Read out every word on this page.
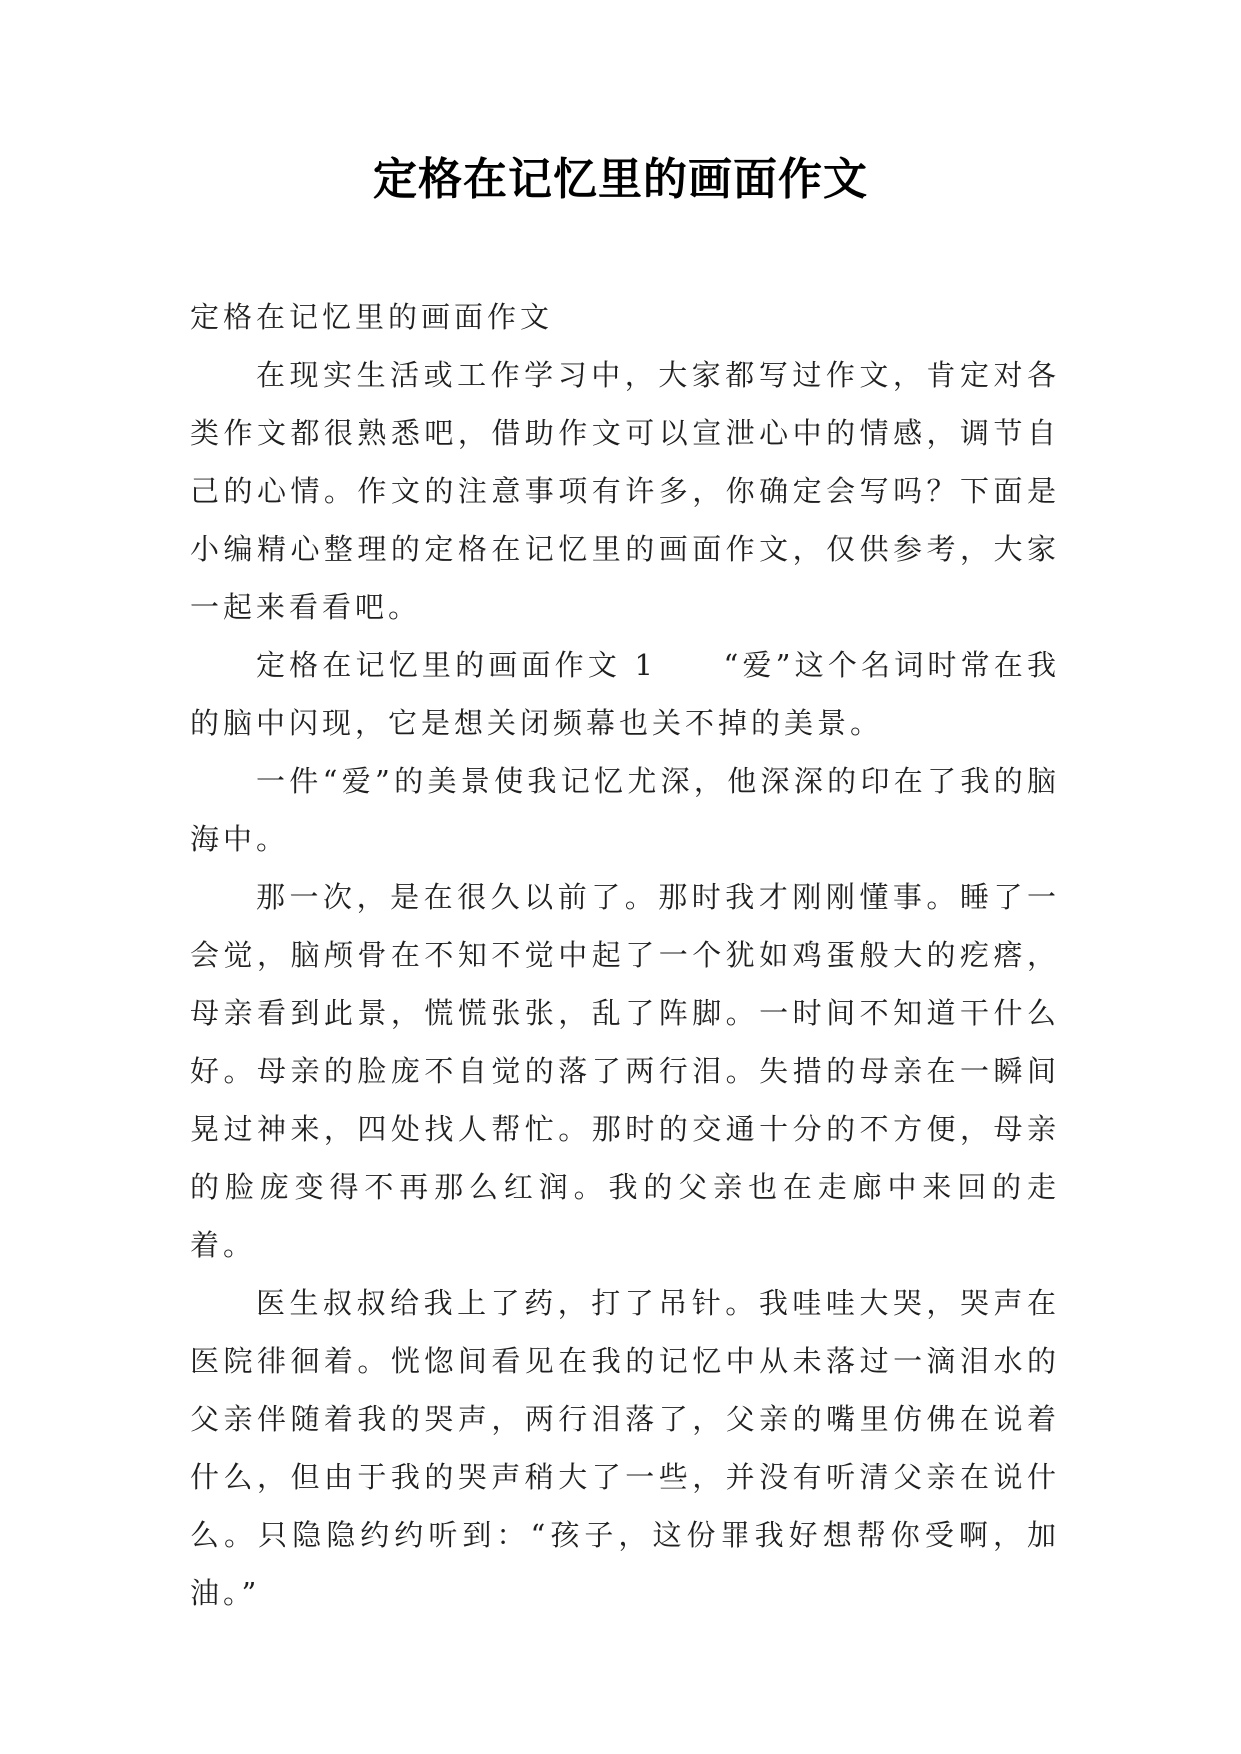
定格在记忆里的画面作文

定格在记忆里的画面作文

在现实生活或工作学习中，大家都写过作文，肯定对各类作文都很熟悉吧，借助作文可以宣泄心中的情感，调节自己的心情。作文的注意事项有许多，你确定会写吗？下面是小编精心整理的定格在记忆里的画面作文，仅供参考，大家一起来看看吧。

定格在记忆里的画面作文 1　　“爱”这个名词时常在我的脑中闪现，它是想关闭频幕也关不掉的美景。

一件“爱”的美景使我记忆尤深，他深深的印在了我的脑海中。

那一次，是在很久以前了。那时我才刚刚懂事。睡了一会觉，脑颅骨在不知不觉中起了一个犹如鸡蛋般大的疙瘩，母亲看到此景，慌慌张张，乱了阵脚。一时间不知道干什么好。母亲的脸庞不自觉的落了两行泪。失措的母亲在一瞬间晃过神来，四处找人帮忙。那时的交通十分的不方便，母亲的脸庞变得不再那么红润。我的父亲也在走廊中来回的走着。

医生叔叔给我上了药，打了吊针。我哇哇大哭，哭声在医院徘徊着。恍惚间看见在我的记忆中从未落过一滴泪水的父亲伴随着我的哭声，两行泪落了，父亲的嘴里仿佛在说着什么，但由于我的哭声稍大了一些，并没有听清父亲在说什么。只隐隐约约听到：“孩子，这份罪我好想帮你受啊，加油。”
